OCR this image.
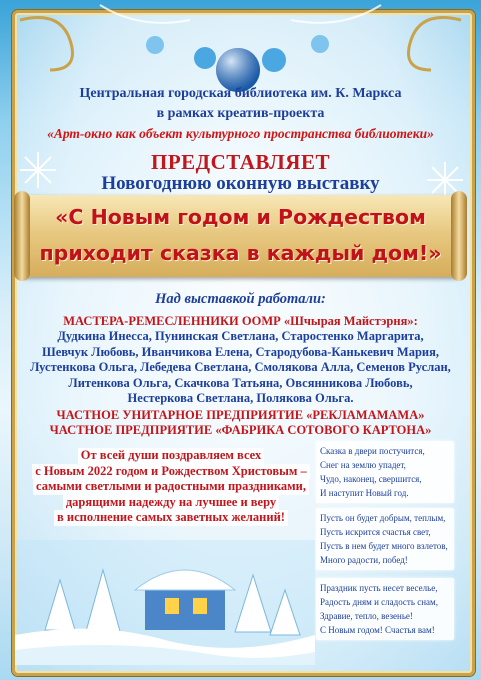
Центральная городская библиотека им. К. Маркса
в рамках креатив-проекта
«Арт-окно как объект культурного пространства библиотеки»
ПРЕДСТАВЛЯЕТ
Новогоднюю оконную выставку
«С Новым годом и Рождеством
приходит сказка в каждый дом!»
Над выставкой работали:
МАСТЕРА-РЕМЕСЛЕННИКИ ООМР «Шчырая Майстэрня»:
Дудкина Инесса, Пунинская Светлана, Старостенко Маргарита,
Шевчук Любовь, Иванчикова Елена, Стародубова-Канькевич Мария,
Лустенкова Ольга, Лебедева Светлана, Смолякова Алла, Семенов Руслан,
Литенкова Ольга, Скачкова Татьяна, Овсянникова Любовь,
Нестеркова Светлана, Полякова Ольга.
ЧАСТНОЕ УНИТАРНОЕ ПРЕДПРИЯТИЕ «РЕКЛАМАМАМА»
ЧАСТНОЕ ПРЕДПРИЯТИЕ «ФАБРИКА СОТОВОГО КАРТОНА»
От всей души поздравляем всех
с Новым 2022 годом и Рождеством Христовым –
самыми светлыми и радостными праздниками,
дарящими надежду на лучшее и веру
в исполнение самых заветных желаний!
Сказка в двери постучится,
Снег на землю упадет,
Чудо, наконец, свершится,
И наступит Новый год.
Пусть он будет добрым, теплым,
Пусть искрится счастья свет,
Пусть в нем будет много взлетов,
Много радости, побед!
Праздник пусть несет веселье,
Радость дням и сладость снам,
Здравие, тепло, везенье!
С Новым годом! Счастья вам!
